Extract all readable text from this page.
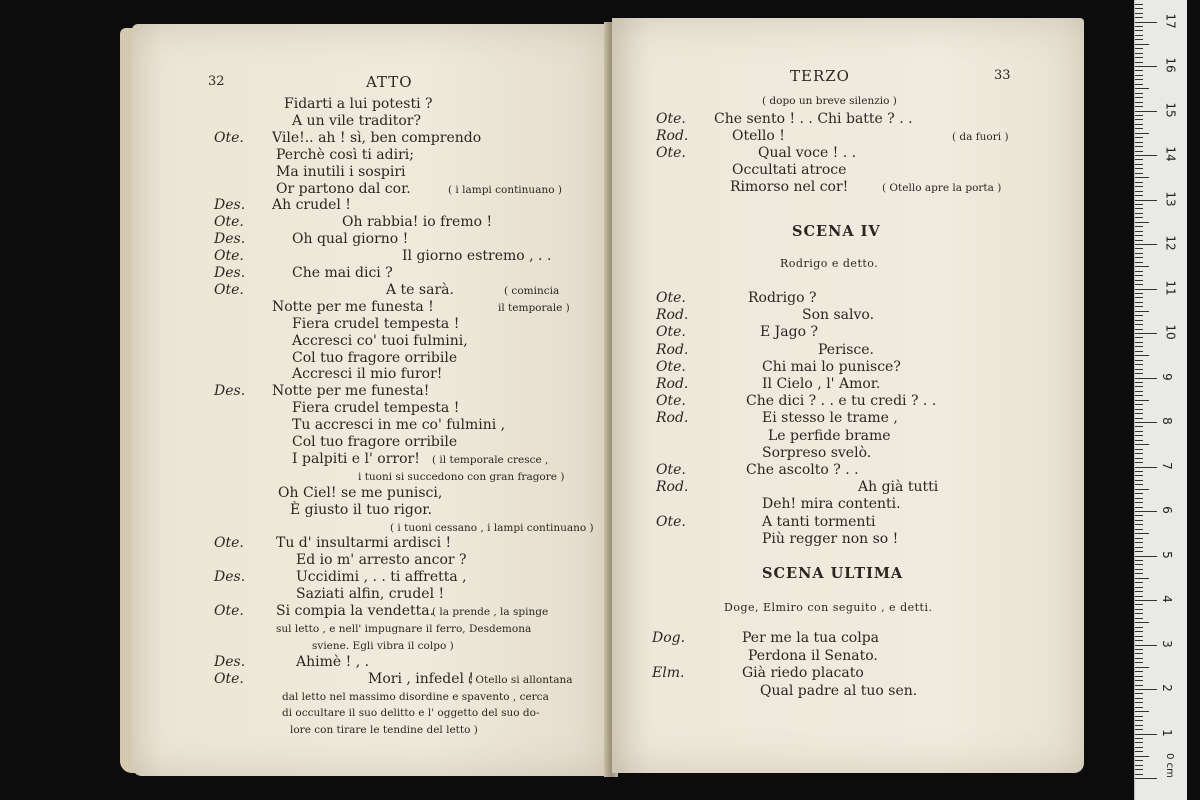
32	ATTO
Fidarti a lui potesti ?
A un vile traditor?
Ote. Vile!.. ah ! sì, ben comprendo
Perchè così ti adiri;
Ma inutili i sospiri
Or partono dal cor.	( i lampi continuano )
Des. Ah crudel !
Ote.	Oh rabbia! io fremo !
Des.	Oh qual giorno !
Ote.	Il giorno estremo , . .
Des.	Che mai dici ?
Ote.	A te sarà.	( comincia
Notte per me funesta !	il temporale )
Fiera crudel tempesta !
Accresci co' tuoi fulmini,
Col tuo fragore orribile
Accresci il mio furor!
Des. Notte per me funesta!
Fiera crudel tempesta !
Tu accresci in me co' fulmini ,
Col tuo fragore orribile
I palpiti e l' orror! ( il temporale cresce ,
i tuoni si succedono con gran fragore )
Oh Ciel! se me punisci,
È giusto il tuo rigor.
( i tuoni cessano , i lampi continuano )
Ote. Tu d' insultarmi ardisci !
Ed io m' arresto ancor ?
Des.	Uccidimi , . . ti affretta ,
Saziati alfin, crudel !
Ote. Si compia la vendetta.
( la prende , la spinge
sul letto , e nell' impugnare il ferro, Desdemona
sviene. Egli vibra il colpo )
Des.	Ahimè ! , .
Ote.	Mori , infedel !
( Otello si allontana
dal letto nel massimo disordine e spavento , cerca
di occultare il suo delitto e l' oggetto del suo do-
lore con tirare le tendine del letto )
TERZO	33
( dopo un breve silenzio )
Ote. Che sento ! . . Chi batte ? . .
Rod.	Otello !	( da fuori )
Ote.	Qual voce ! . .
Occultati atroce
Rimorso nel cor!	( Otello apre la porta )
SCENA IV
Rodrigo e detto.
Ote.	Rodrigo ?
Rod.	Son salvo.
Ote.	E Jago ?
Rod.	Perisce.
Ote.	Chi mai lo punisce?
Rod.	Il Cielo , l' Amor.
Ote.	Che dici ? . . e tu credi ? . .
Rod.	Ei stesso le trame ,
Le perfide brame
Sorpreso svelò.
Ote.	Che ascolto ? . .
Rod.	Ah già tutti
Deh! mira contenti.
Ote.	A tanti tormenti
Più regger non so !
SCENA ULTIMA
Doge, Elmiro con seguito , e detti.
Dog.	Per me la tua colpa
Perdona il Senato.
Elm.	Già riedo placato
Qual padre al tuo sen.
1
2
3
4
5
6
7
8
9
10
11
12
13
14
15
16
17
0 cm
